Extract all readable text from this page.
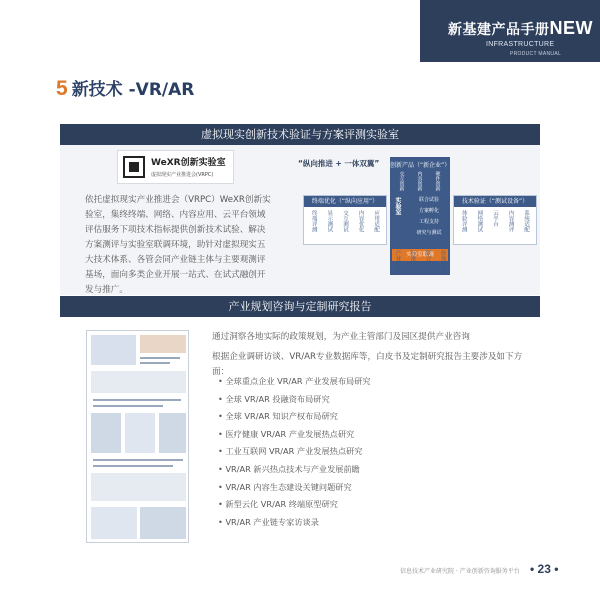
新基建产品手册NEW
INFRASTRUCTURE
PRODUCT MANUAL
5 新技术 -VR/AR
虚拟现实创新技术验证与方案评测实验室
WeXR创新实验室
虚拟现实产业推进会(VRPC)
依托虚拟现实产业推进会（VRPC）WeXR创新实验室，集终终端、网络、内容应用、云平台领域评估服务下项技术指标提供创新技术试验、解决方案测评与实验室联调环境，助针对虚拟现实五大技术体系、各管会同产业链主体与主要观测评基场，面向多类企业开展一站式、在试式融创开发与推广。
“纵向推进 + 一体双翼”
终端优化（“纵向应用”）
终端评测 显示测试 交互测试 内容优化 应用适配
创新产品（“新企业”）
交互创新 内容创新 硬件创新
实验室	联合试验
方案孵化
工程支持
研究与测试
实验室联调
技术验证（“测试设备”）
体验评测 网络测试 云平台 内容测评 系统适配
产业研究 标准制定 联合测试 咨询服务
产业规划咨询与定制研究报告
通过洞察各地实际的政策规划，为产业主管部门及园区提供产业咨询
根据企业调研访谈、VR/AR专业数据库等，白皮书及定制研究报告主要涉及如下方面：
• 全球重点企业 VR/AR 产业发展布局研究
• 全球 VR/AR 投融资布局研究
• 全球 VR/AR 知识产权布局研究
• 医疗健康 VR/AR 产业发展热点研究
• 工业互联网 VR/AR 产业发展热点研究
• VR/AR 新兴热点技术与产业发展前瞻
• VR/AR 内容生态建设关键问题研究
• 新型云化 VR/AR 终端原型研究
• VR/AR 产业链专家访谈录
信息技术产业研究院 · 产业创新咨询服务平台 • 23 •
